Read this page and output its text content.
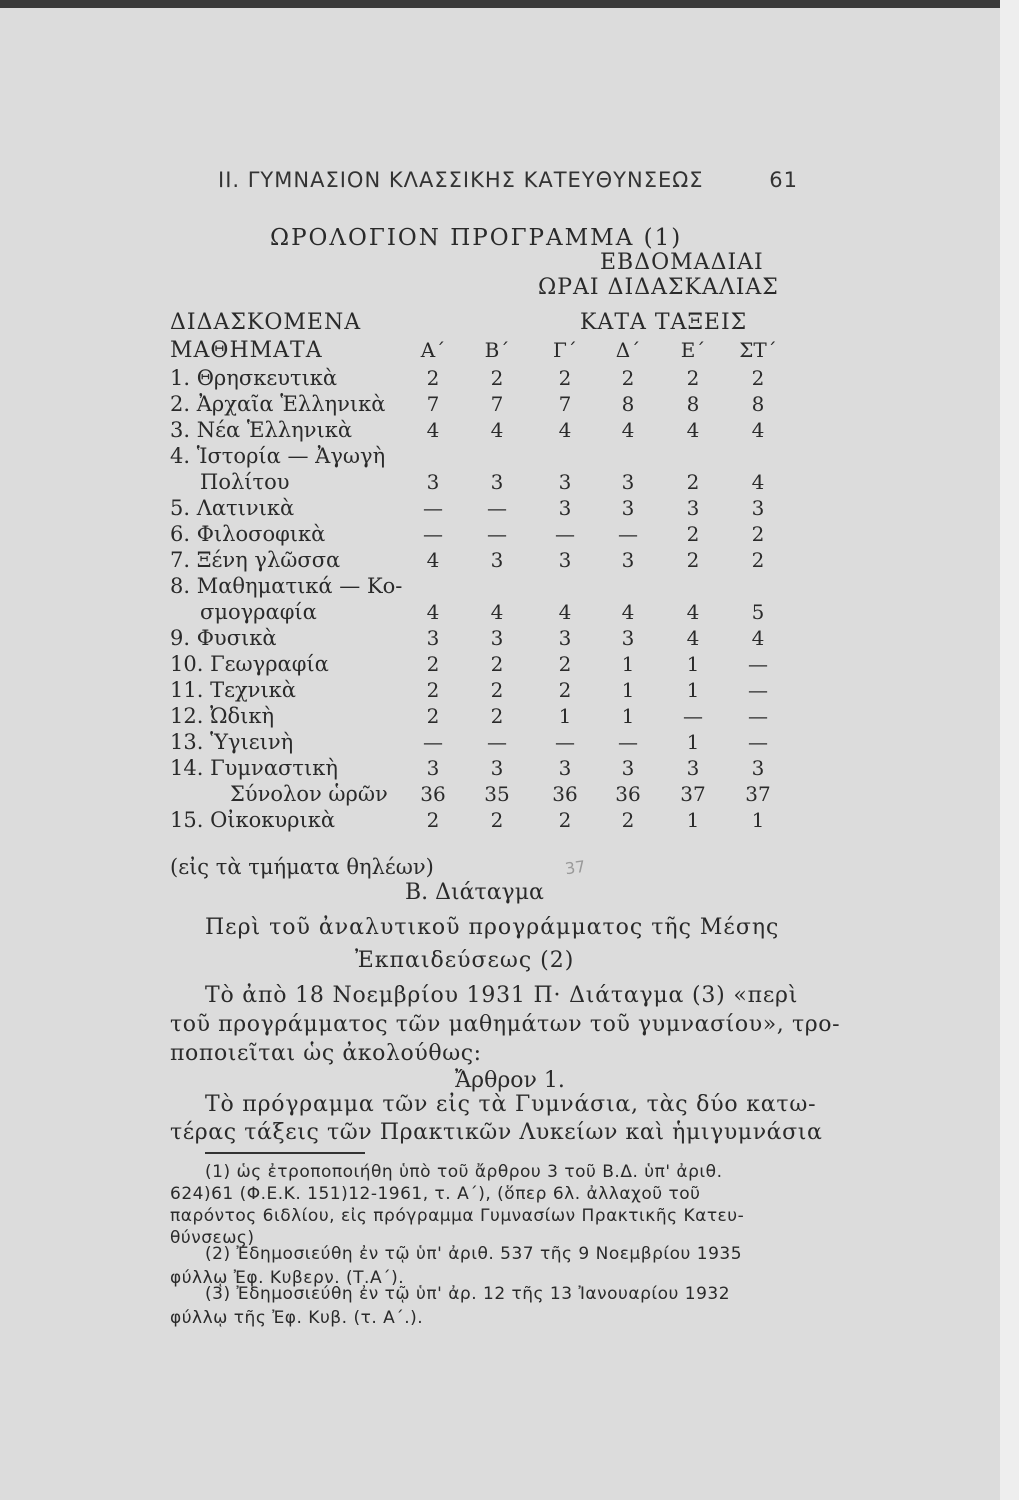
ΙΙ. ΓΥΜΝΑΣΙΟΝ ΚΛΑΣΣΙΚΗΣ ΚΑΤΕΥΘΥΝΣΕΩΣ	61
ΩΡΟΛΟΓΙΟΝ ΠΡΟΓΡΑΜΜΑ (1)
ΕΒΔΟΜΑΔΙΑΙ
ΩΡΑΙ ΔΙΔΑΣΚΑΛΙΑΣ
ΔΙΔΑΣΚΟΜΕΝΑ	ΚΑΤΑ ΤΑΞΕΙΣ
ΜΑΘΗΜΑΤΑ	Α΄	Β΄	Γ΄	Δ΄	Ε΄	ΣΤ΄
1. Θρησκευτικὰ	2	2	2	2	2	2
2. Ἀρχαῖα Ἑλληνικὰ	7	7	7	8	8	8
3. Νέα Ἑλληνικὰ	4	4	4	4	4	4
4. Ἱστορία — Ἀγωγὴ
Πολίτου	3	3	3	3	2	4
5. Λατινικὰ	—	—	3	3	3	3
6. Φιλοσοφικὰ	—	—	—	—	2	2
7. Ξένη γλῶσσα	4	3	3	3	2	2
8. Μαθηματικά — Κο-
σμογραφία	4	4	4	4	4	5
9. Φυσικὰ	3	3	3	3	4	4
10. Γεωγραφία	2	2	2	1	1	—
11. Τεχνικὰ	2	2	2	1	1	—
12. Ὠδικὴ	2	2	1	1	—	—
13. Ὑγιεινὴ	—	—	—	—	1	—
14. Γυμναστικὴ	3	3	3	3	3	3
Σύνολον ὡρῶν	36	35	36	36	37	37
15. Οἰκοκυρικὰ	2	2	2	2	1	1
(εἰς τὰ τμήματα θηλέων)	37
Β. Διάταγμα
Περὶ τοῦ ἀναλυτικοῦ προγράμματος τῆς Μέσης
Ἐκπαιδεύσεως (2)
Τὸ ἀπὸ 18 Νοεμβρίου 1931 Π· Διάταγμα (3) «περὶ
τοῦ προγράμματος τῶν μαθημάτων τοῦ γυμνασίου», τρο-
ποποιεῖται ὡς ἀκολούθως:
Ἄρθρον 1.
Τὸ πρόγραμμα τῶν εἰς τὰ Γυμνάσια, τὰς δύο κατω-
τέρας τάξεις τῶν Πρακτικῶν Λυκείων καὶ ἡμιγυμνάσια
(1) ὡς ἐτροποποιήθη ὑπὸ τοῦ ἄρθρου 3 τοῦ Β.Δ. ὑπ' ἀριθ.
624)61 (Φ.Ε.Κ. 151)12-1961, τ. Α΄), (ὅπερ 6λ. ἀλλαχοῦ τοῦ
παρόντος 6ιδλίου, εἰς πρόγραμμα Γυμνασίων Πρακτικῆς Κατευ-
θύνσεως)
(2) Ἐδημοσιεύθη ἐν τῷ ὑπ' ἀριθ. 537 τῆς 9 Νοεμβρίου 1935
φύλλῳ Ἐφ. Κυβερν. (Τ.Α΄).
(3) Ἐδημοσιεύθη ἐν τῷ ὑπ' ἀρ. 12 τῆς 13 Ἰανουαρίου 1932
φύλλῳ τῆς Ἐφ. Κυβ. (τ. Α΄.).
